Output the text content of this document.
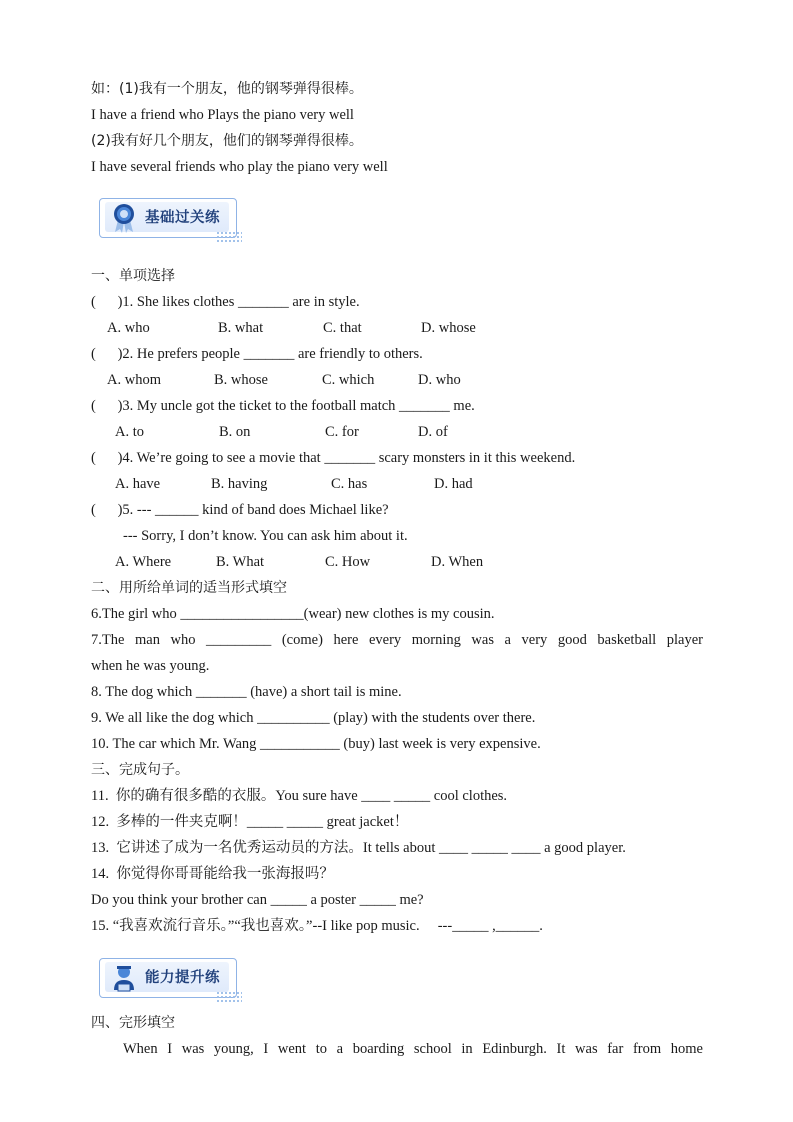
如：(1)我有一个朋友，他的钢琴弹得很棒。
I have a friend who Plays the piano very well
(2)我有好几个朋友，他们的钢琴弹得很棒。
I have several friends who play the piano very well
基础过关练
一、单项选择
(      )1. She likes clothes _______ are in style.

A. who

	B. what

	C. that

	D. whose

(      )2. He prefers people _______ are friendly to others.

A. whom

	B. whose

	C. which

	D. who

(      )3. My uncle got the ticket to the football match _______ me.

A. to

	B. on

	C. for

	D. of

(      )4. We’re going to see a movie that _______ scary monsters in it this weekend.

A. have

	B. having

	C. has

	D. had

(      )5. --- ______ kind of band does Michael like?
--- Sorry, I don’t know. You can ask him about it.

A. Where

	B. What

	C. How

	D. When

二、用所给单词的适当形式填空
6.The girl who _________________(wear) new clothes is my cousin.
7.The man who _________ (come) here every morning was a very good basketball player
when he was young.
8. The dog which _______ (have) a short tail is mine.
9. We all like the dog which __________ (play) with the students over there.
10. The car which Mr. Wang ___________ (buy) last week is very expensive.
三、完成句子。
11.  你的确有很多酷的衣服。You sure have ____ _____ cool clothes.
12.  多棒的一件夹克啊！_____ _____ great jacket！
13.  它讲述了成为一名优秀运动员的方法。It tells about ____ _____ ____ a good player.
14.  你觉得你哥哥能给我一张海报吗？
Do you think your brother can _____ a poster _____ me?
15. “我喜欢流行音乐。”“我也喜欢。”--I like pop music.     ---_____ ,______.
能力提升练
四、完形填空
When I was young, I went to a boarding school in Edinburgh. It was far from home
